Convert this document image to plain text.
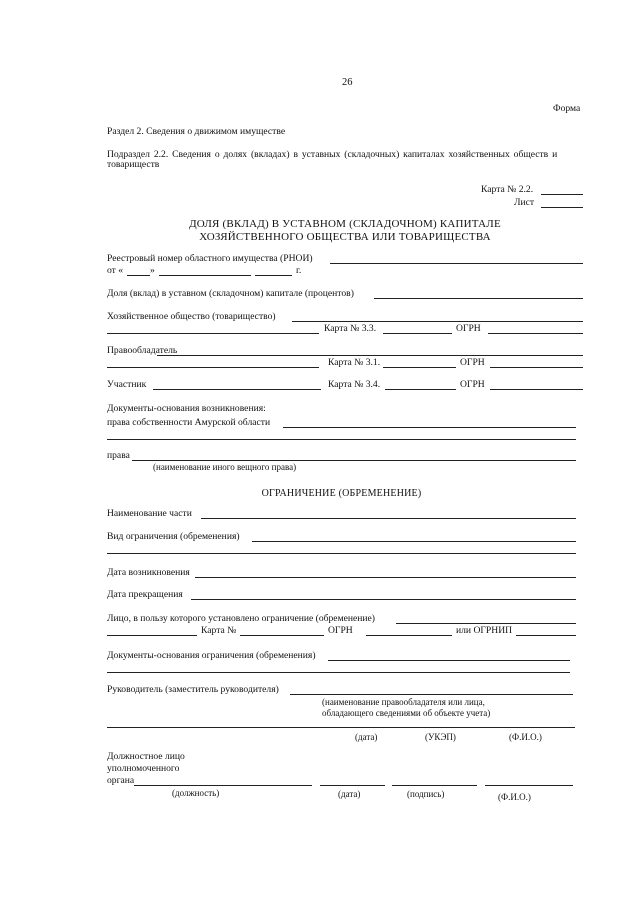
26
Форма
Раздел 2. Сведения о движимом имуществе
Подраздел 2.2. Сведения о долях (вкладах) в уставных (складочных) капиталах хозяйственных обществ и
товариществ
Карта № 2.2.
Лист
ДОЛЯ (ВКЛАД) В УСТАВНОМ (СКЛАДОЧНОМ) КАПИТАЛЕ
ХОЗЯЙСТВЕННОГО ОБЩЕСТВА ИЛИ ТОВАРИЩЕСТВА
Реестровый номер областного имущества (РНОИ)
от «	»	г.
Доля (вклад) в уставном (складочном) капитале (процентов)
Хозяйственное общество (товарищество)
Карта № 3.3.	ОГРН
Правообладатель
Карта № 3.1.	ОГРН
Участник	Карта № 3.4.	ОГРН
Документы-основания возникновения:
права собственности Амурской области
права
(наименование иного вещного права)
ОГРАНИЧЕНИЕ (ОБРЕМЕНЕНИЕ)
Наименование части
Вид ограничения (обременения)
Дата возникновения
Дата прекращения
Лицо, в пользу которого установлено ограничение (обременение)
Карта №	ОГРН	или ОГРНИП
Документы-основания ограничения (обременения)
Руководитель (заместитель руководителя)
(наименование правообладателя или лица,
обладающего сведениями об объекте учета)
(дата)	(УКЭП)	(Ф.И.О.)
Должностное лицо
уполномоченного
органа
(должность)	(дата)	(подпись)	(Ф.И.О.)
